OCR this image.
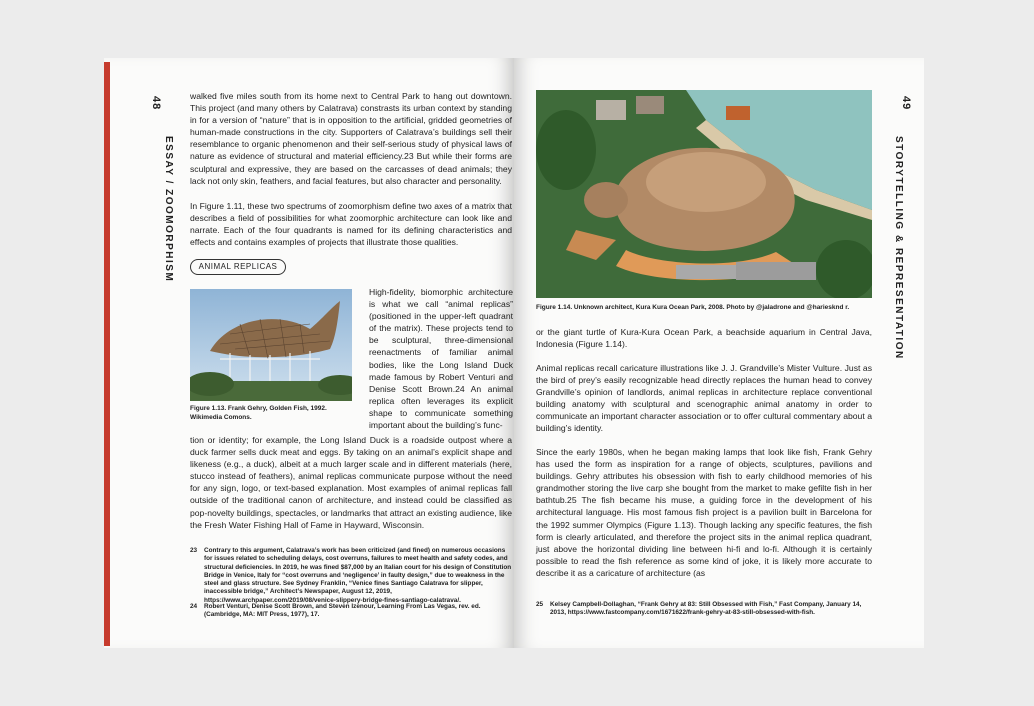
48
ESSAY / ZOOMORPHISM

walked five miles south from its home next to Central Park to hang out downtown. This project (and many others by Calatrava) constrasts its urban context by standing in for a version of “nature” that is in opposition to the artificial, gridded geometries of human-made constructions in the city. Supporters of Calatrava’s buildings sell their resemblance to organic phenomenon and their self-serious study of physical laws of nature as evidence of structural and material efficiency.23 But while their forms are sculptural and expressive, they are based on the carcasses of dead animals; they lack not only skin, feathers, and facial features, but also character and personality.

In Figure 1.11, these two spectrums of zoomorphism define two axes of a matrix that describes a field of possibilities for what zoomorphic architecture can look like and narrate. Each of the four quadrants is named for its defining characteristics and effects and contains examples of projects that illustrate those qualities.

ANIMAL REPLICAS
Figure 1.13. Frank Gehry, Golden Fish, 1992. Wikimedia Comons.

High-fidelity, biomorphic architecture is what we call “animal replicas” (positioned in the upper-left quadrant of the matrix). These projects tend to be sculptural, three-dimensional reenactments of familiar animal bodies, like the Long Island Duck made famous by Robert Venturi and Denise Scott Brown.24 An animal replica often leverages its explicit shape to communicate something important about the building’s func-

tion or identity; for example, the Long Island Duck is a roadside outpost where a duck farmer sells duck meat and eggs. By taking on an animal’s explicit shape and likeness (e.g., a duck), albeit at a much larger scale and in different materials (here, stucco instead of feathers), animal replicas communicate purpose without the need for any sign, logo, or text-based explanation. Most examples of animal replicas fall outside of the traditional canon of architecture, and instead could be classified as pop-novelty buildings, spectacles, or landmarks that attract an existing audience, like the Fresh Water Fishing Hall of Fame in Hayward, Wisconsin.

23	Contrary to this argument, Calatrava’s work has been criticized (and fined) on numerous occasions for issues related to scheduling delays, cost overruns, failures to meet health and safety codes, and structural deficiencies. In 2019, he was fined $87,000 by an Italian court for his design of Constitution Bridge in Venice, Italy for “cost overruns and ‘negligence’ in faulty design,” due to weakness in the steel and glass structure. See Sydney Franklin, “Venice fines Santiago Calatrava for slipper, inaccessible bridge,” Architect’s Newspaper, August 12, 2019, https://www.archpaper.com/2019/08/venice-slippery-bridge-fines-santiago-calatrava/.
24	Robert Venturi, Denise Scott Brown, and Steven Izenour, Learning From Las Vegas, rev. ed. (Cambridge, MA: MIT Press, 1977), 17.
Figure 1.14. Unknown architect, Kura Kura Ocean Park, 2008. Photo by @jaladrone and @hariesknd r.
49
STORYTELLING & REPRESENTATION

or the giant turtle of Kura-Kura Ocean Park, a beachside aquarium in Central Java, Indonesia (Figure 1.14).

Animal replicas recall caricature illustrations like J. J. Grandville’s Mister Vulture. Just as the bird of prey’s easily recognizable head directly replaces the human head to convey Grandville’s opinion of landlords, animal replicas in architecture replace conventional building anatomy with sculptural and scenographic animal anatomy in order to communicate an important character association or to offer cultural commentary about a building’s identity.

Since the early 1980s, when he began making lamps that look like fish, Frank Gehry has used the form as inspiration for a range of objects, sculptures, pavilions and buildings. Gehry attributes his obsession with fish to early childhood memories of his grandmother storing the live carp she bought from the market to make gefilte fish in her bathtub.25 The fish became his muse, a guiding force in the development of his architectural language. His most famous fish project is a pavilion built in Barcelona for the 1992 summer Olympics (Figure 1.13). Though lacking any specific features, the fish form is clearly articulated, and therefore the project sits in the animal replica quadrant, just above the horizontal dividing line between hi-fi and lo-fi. Although it is certainly possible to read the fish reference as some kind of joke, it is likely more accurate to describe it as a caricature of architecture (as

25	Kelsey Campbell-Dollaghan, “Frank Gehry at 83: Still Obsessed with Fish,” Fast Company, January 14, 2013, https://www.fastcompany.com/1671622/frank-gehry-at-83-still-obsessed-with-fish.
